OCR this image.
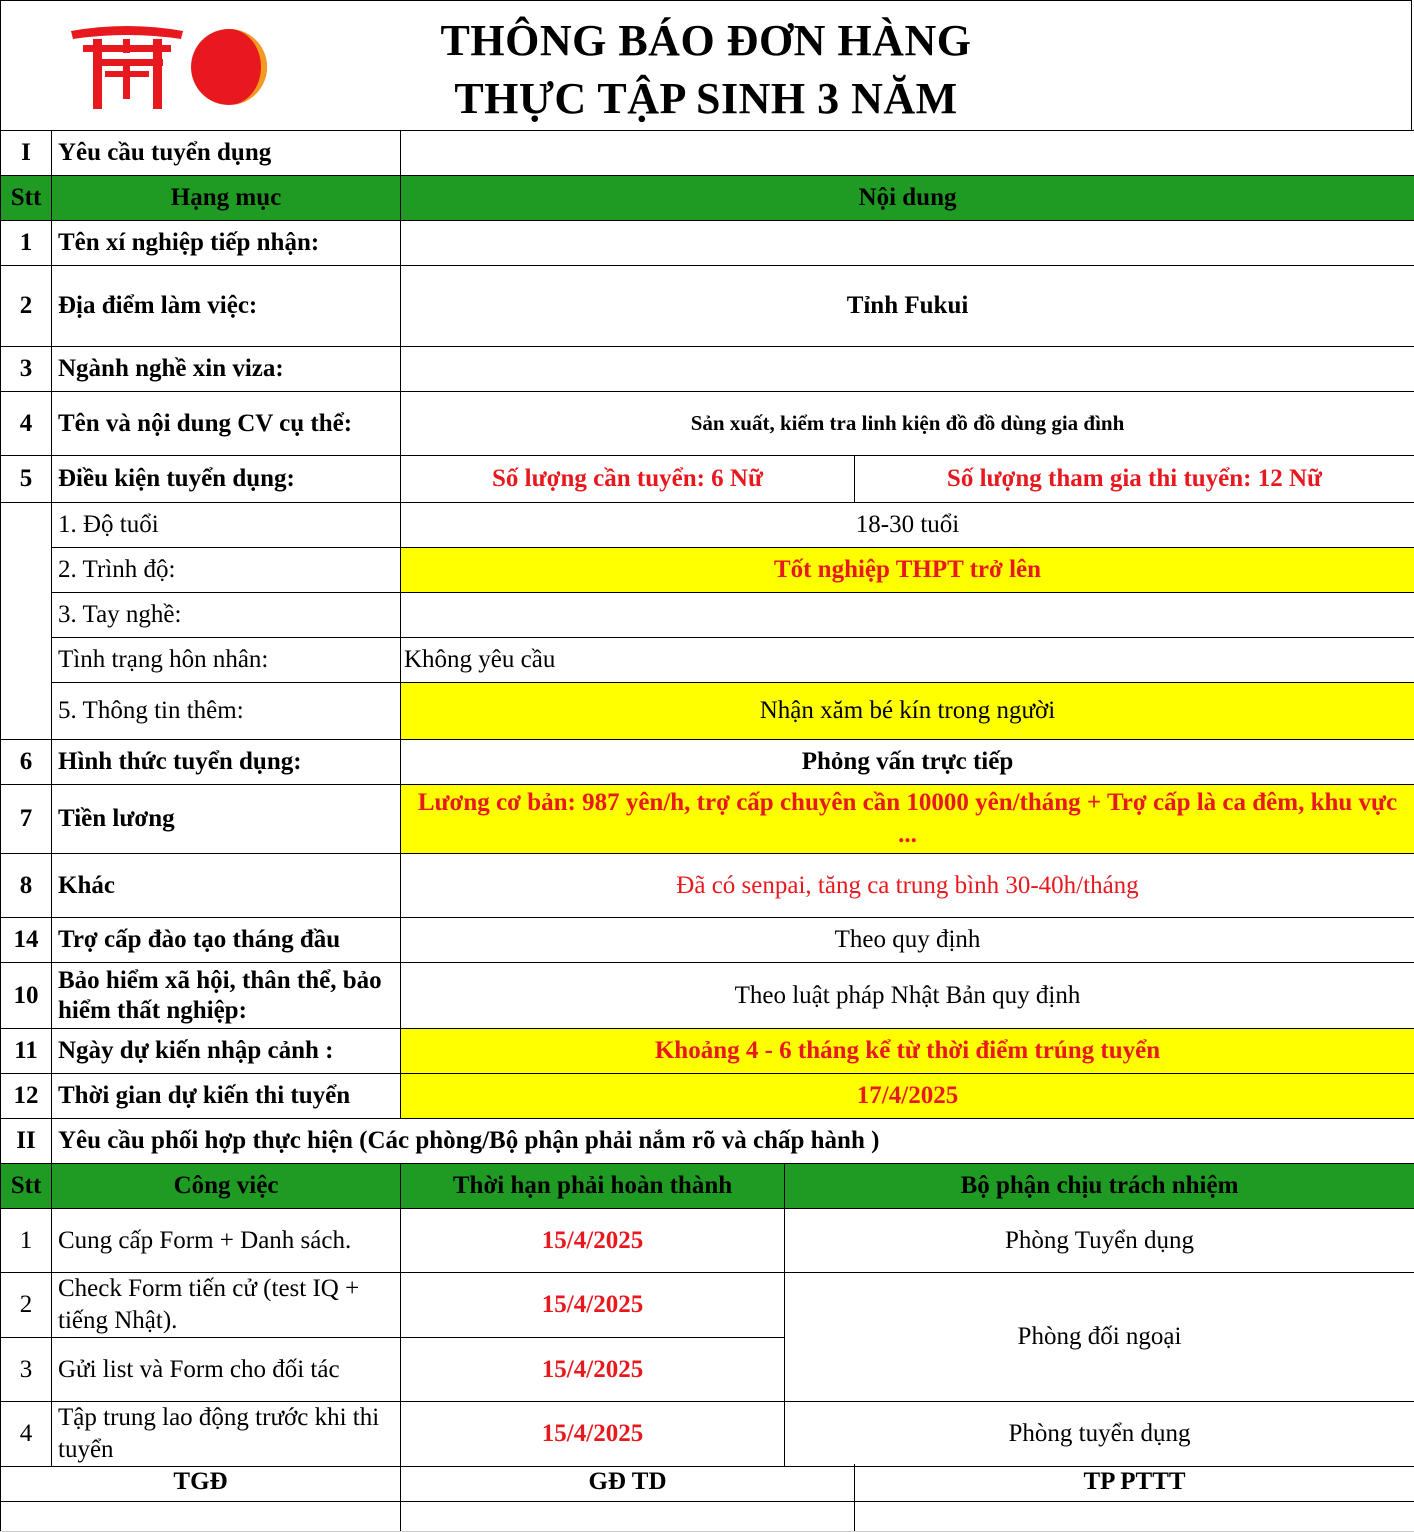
THÔNG BÁO ĐƠN HÀNG
THỰC TẬP SINH 3 NĂM
I	Yêu cầu tuyển dụng		
Stt	Hạng mục	Nội dung	
1	Tên xí nghiệp tiếp nhận:		
2	Địa điểm làm việc:	Tỉnh Fukui	
3	Ngành nghề xin viza:		
4	Tên và nội dung CV cụ thể:	Sản xuất, kiểm tra linh kiện đồ đồ dùng gia đình	
5	Điều kiện tuyển dụng:	Số lượng cần tuyển: 6 Nữ	Số lượng tham gia thi tuyển: 12 Nữ
	1. Độ tuổi	18-30 tuổi	
	2. Trình độ:	Tốt nghiệp THPT trở lên	
	3. Tay nghề:		
	Tình trạng hôn nhân:	Không yêu cầu	
	5. Thông tin thêm:	Nhận xăm bé kín trong người	
6	Hình thức tuyển dụng:	Phỏng vấn trực tiếp	
7	Tiền lương	Lương cơ bản: 987 yên/h, trợ cấp chuyên cần 10000 yên/tháng + Trợ cấp là ca đêm, khu vực ...	
8	Khác	Đã có senpai, tăng ca trung bình 30-40h/tháng	
14	Trợ cấp đào tạo tháng đầu	Theo quy định	
10	Bảo hiểm xã hội, thân thể, bảo hiểm thất nghiệp:	Theo luật pháp Nhật Bản quy định	
11	Ngày dự kiến nhập cảnh :	Khoảng 4 - 6 tháng kể từ thời điểm trúng tuyển	
12	Thời gian dự kiến thi tuyển	17/4/2025	
II	Yêu cầu phối hợp thực hiện (Các phòng/Bộ phận phải nắm rõ và chấp hành )		
Stt	Công việc	Thời hạn phải hoàn thành	Bộ phận chịu trách nhiệm
1	Cung cấp Form + Danh sách.	15/4/2025	Phòng Tuyển dụng
2	Check Form tiến cử (test IQ + tiếng Nhật).	15/4/2025	Phòng đối ngoại
3	Gửi list và Form cho đối tác	15/4/2025	
4	Tập trung lao động trước khi thi tuyển	15/4/2025	Phòng tuyển dụng
TGĐ	GĐ TD	TP PTTT
